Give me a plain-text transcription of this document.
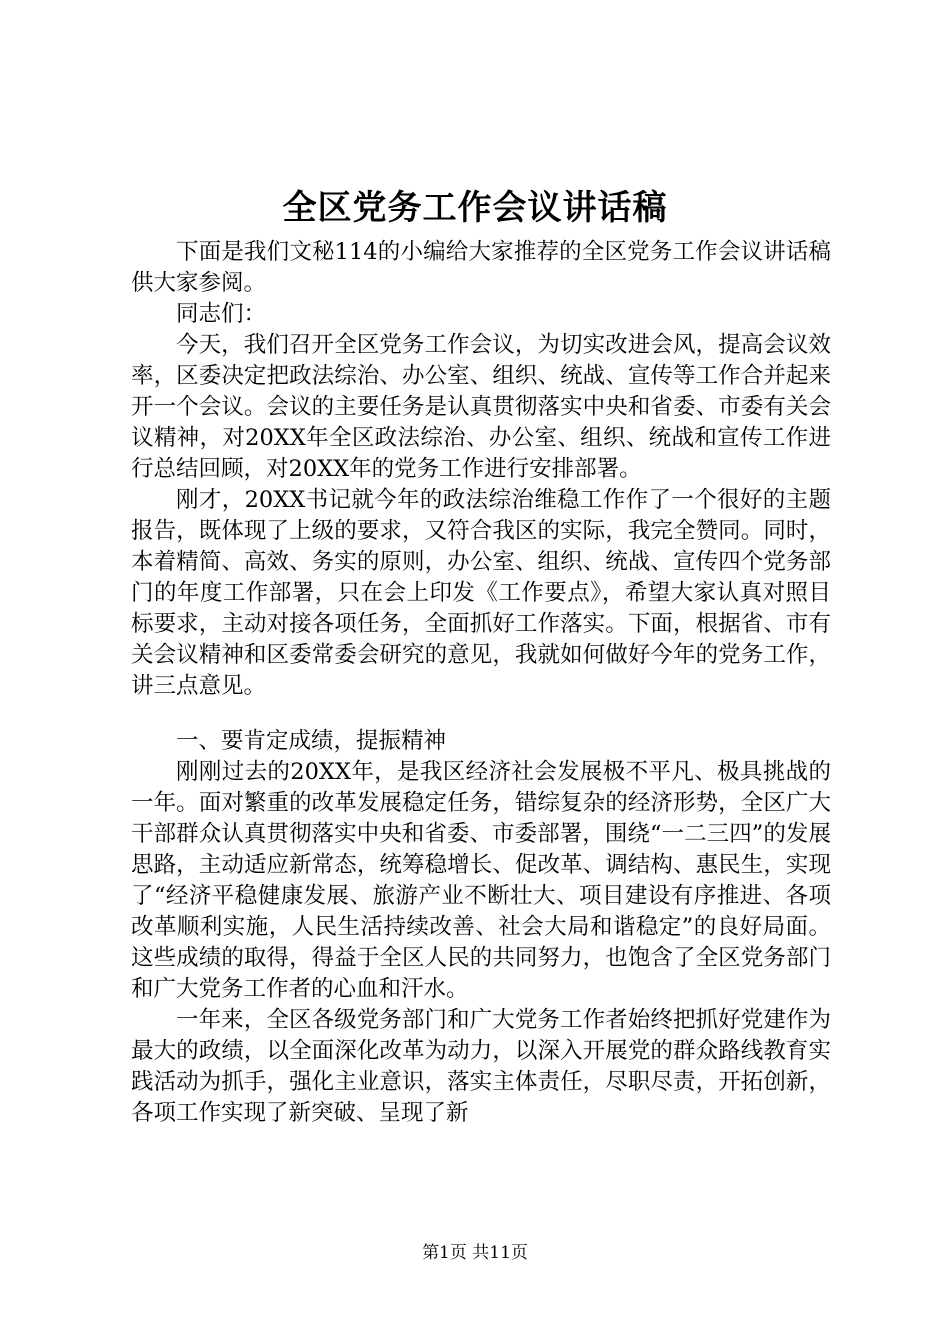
全区党务工作会议讲话稿

下面是我们文秘114的小编给大家推荐的全区党务工作会议讲话稿供大家参阅。

同志们：

今天，我们召开全区党务工作会议，为切实改进会风，提高会议效率，区委决定把政法综治、办公室、组织、统战、宣传等工作合并起来开一个会议。会议的主要任务是认真贯彻落实中央和省委、市委有关会议精神，对20XX年全区政法综治、办公室、组织、统战和宣传工作进行总结回顾，对20XX年的党务工作进行安排部署。

刚才，20XX书记就今年的政法综治维稳工作作了一个很好的主题报告，既体现了上级的要求，又符合我区的实际，我完全赞同。同时，本着精简、高效、务实的原则，办公室、组织、统战、宣传四个党务部门的年度工作部署，只在会上印发《工作要点》，希望大家认真对照目标要求，主动对接各项任务，全面抓好工作落实。下面，根据省、市有关会议精神和区委常委会研究的意见，我就如何做好今年的党务工作，讲三点意见。

一、要肯定成绩，提振精神

刚刚过去的20XX年，是我区经济社会发展极不平凡、极具挑战的一年。面对繁重的改革发展稳定任务，错综复杂的经济形势，全区广大干部群众认真贯彻落实中央和省委、市委部署，围绕“一二三四”的发展思路，主动适应新常态，统筹稳增长、促改革、调结构、惠民生，实现了“经济平稳健康发展、旅游产业不断壮大、项目建设有序推进、各项改革顺利实施，人民生活持续改善、社会大局和谐稳定”的良好局面。这些成绩的取得，得益于全区人民的共同努力，也饱含了全区党务部门和广大党务工作者的心血和汗水。

一年来，全区各级党务部门和广大党务工作者始终把抓好党建作为最大的政绩，以全面深化改革为动力，以深入开展党的群众路线教育实践活动为抓手，强化主业意识，落实主体责任，尽职尽责，开拓创新，各项工作实现了新突破、呈现了新

第1页 共11页
